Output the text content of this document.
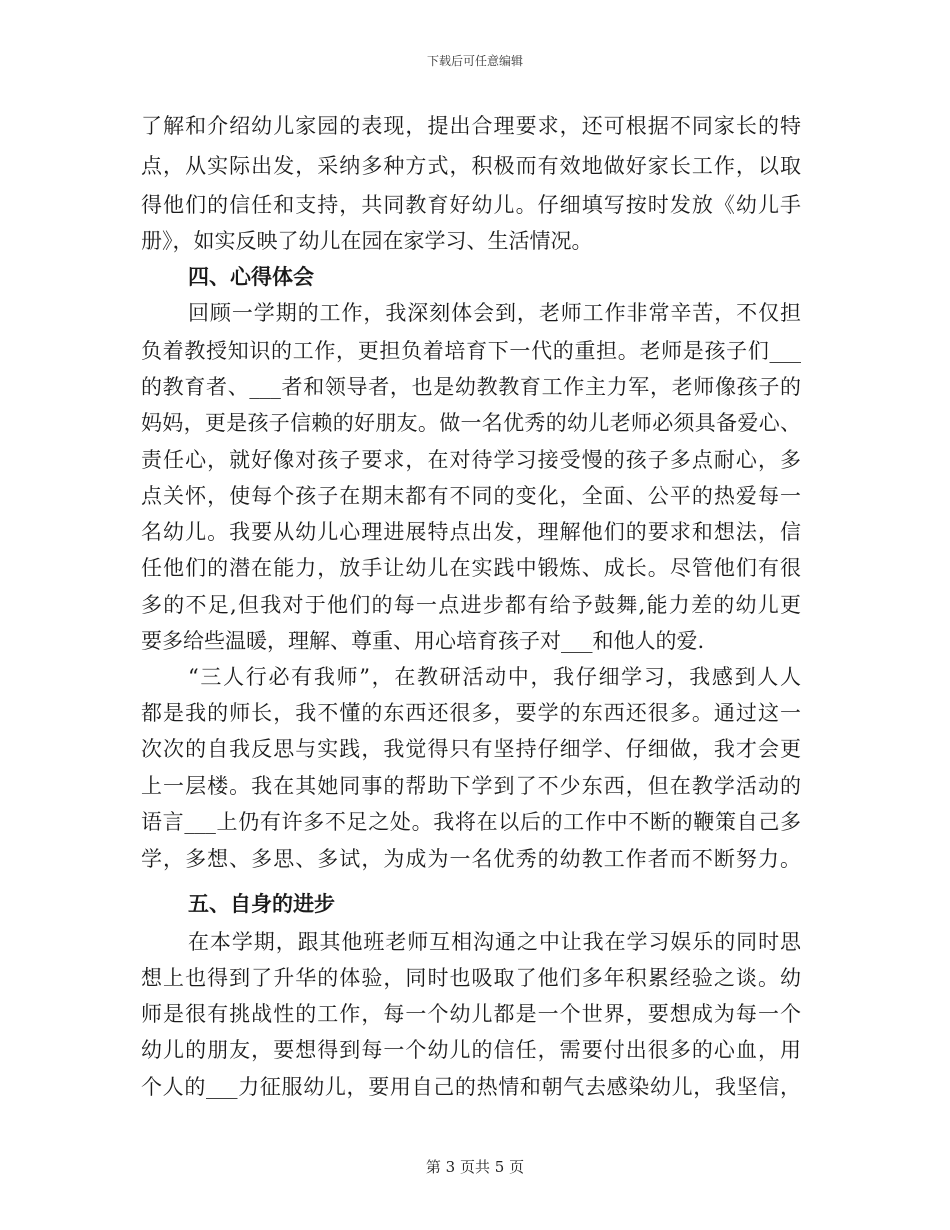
下载后可任意编辑
了解和介绍幼儿家园的表现，提出合理要求，还可根据不同家长的特
点，从实际出发，采纳多种方式，积极而有效地做好家长工作，以取
得他们的信任和支持，共同教育好幼儿。仔细填写按时发放《幼儿手
册》，如实反映了幼儿在园在家学习、生活情况。
四、心得体会
回顾一学期的工作，我深刻体会到，老师工作非常辛苦，不仅担
负着教授知识的工作，更担负着培育下一代的重担。老师是孩子们___
的教育者、___者和领导者，也是幼教教育工作主力军，老师像孩子的
妈妈，更是孩子信赖的好朋友。做一名优秀的幼儿老师必须具备爱心、
责任心，就好像对孩子要求，在对待学习接受慢的孩子多点耐心，多
点关怀，使每个孩子在期末都有不同的变化，全面、公平的热爱每一
名幼儿。我要从幼儿心理进展特点出发，理解他们的要求和想法，信
任他们的潜在能力，放手让幼儿在实践中锻炼、成长。尽管他们有很
多的不足,但我对于他们的每一点进步都有给予鼓舞,能力差的幼儿更
要多给些温暖，理解、尊重、用心培育孩子对___和他人的爱.
“三人行必有我师”，在教研活动中，我仔细学习，我感到人人
都是我的师长，我不懂的东西还很多，要学的东西还很多。通过这一
次次的自我反思与实践，我觉得只有坚持仔细学、仔细做，我才会更
上一层楼。我在其她同事的帮助下学到了不少东西，但在教学活动的
语言___上仍有许多不足之处。我将在以后的工作中不断的鞭策自己多
学，多想、多思、多试，为成为一名优秀的幼教工作者而不断努力。
五、自身的进步
在本学期，跟其他班老师互相沟通之中让我在学习娱乐的同时思
想上也得到了升华的体验，同时也吸取了他们多年积累经验之谈。幼
师是很有挑战性的工作，每一个幼儿都是一个世界，要想成为每一个
幼儿的朋友，要想得到每一个幼儿的信任，需要付出很多的心血，用
个人的___力征服幼儿，要用自己的热情和朝气去感染幼儿，我坚信，
第 3 页共 5 页
